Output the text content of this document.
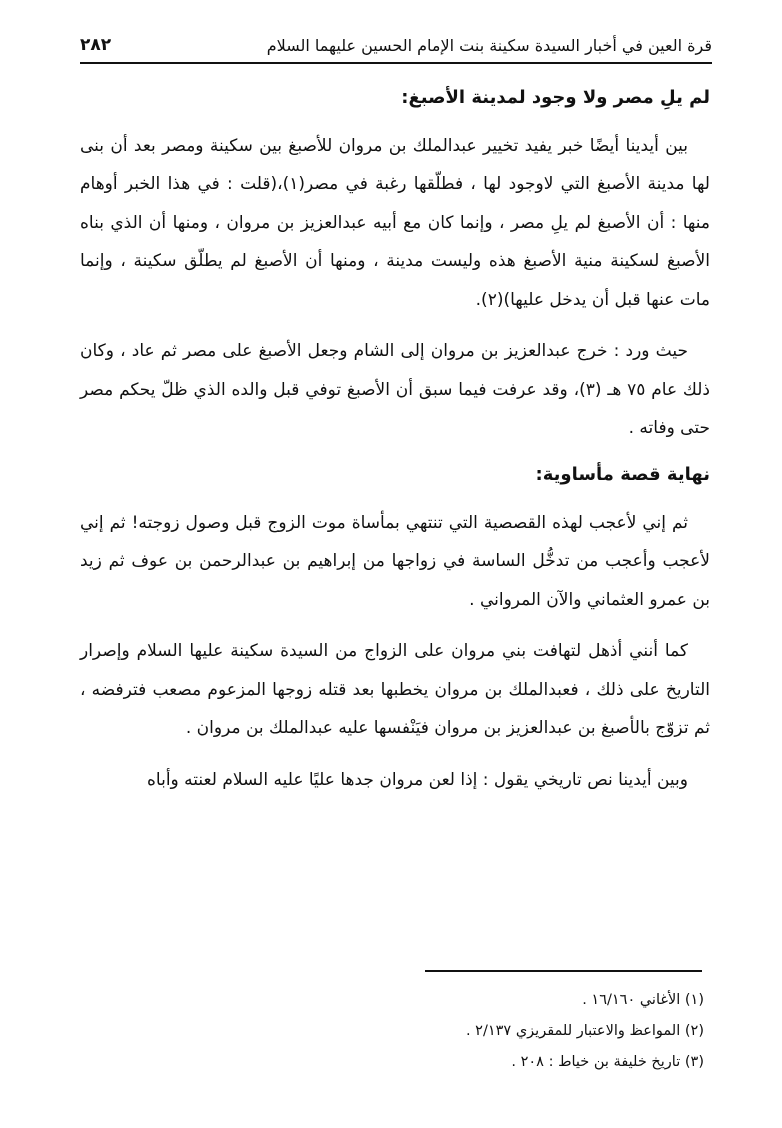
٢٨٢	قرة العين في أخبار السيدة سكينة بنت الإمام الحسين عليهما السلام
لم يلِ مصر ولا وجود لمدينة الأصبغ:

بين أيدينا أيضًا خبر يفيد تخيير عبدالملك بن مروان للأصبغ بين سكينة ومصر بعد أن بنى لها مدينة الأصبغ التي لاوجود لها ، فطلّقها رغبة في مصر(١)،(قلت : في هذا الخبر أوهام منها : أن الأصبغ لم يلِ مصر ، وإنما كان مع أبيه عبدالعزيز بن مروان ، ومنها أن الذي بناه الأصبغ لسكينة منية الأصبغ هذه وليست مدينة ، ومنها أن الأصبغ لم يطلّق سكينة ، وإنما مات عنها قبل أن يدخل عليها)(٢).

حيث ورد : خرج عبدالعزيز بن مروان إلى الشام وجعل الأصبغ على مصر ثم عاد ، وكان ذلك عام ٧٥ هـ (٣)، وقد عرفت فيما سبق أن الأصبغ توفي قبل والده الذي ظلّ يحكم مصر حتى وفاته .

نهاية قصة مأساوية:

ثم إني لأعجب لهذه القصصية التي تنتهي بمأساة موت الزوج قبل وصول زوجته! ثم إني لأعجب وأعجب من تدخُّل الساسة في زواجها من إبراهيم بن عبدالرحمن بن عوف ثم زيد بن عمرو العثماني والآن المرواني .

كما أنني أذهل لتهافت بني مروان على الزواج من السيدة سكينة عليها السلام وإصرار التاريخ على ذلك ، فعبدالملك بن مروان يخطبها بعد قتله زوجها المزعوم مصعب فترفضه ، ثم تزوّج بالأصبغ بن عبدالعزيز بن مروان فيَنْفسها عليه عبدالملك بن مروان .

وبين أيدينا نص تاريخي يقول : إذا لعن مروان جدها عليًا عليه السلام لعنته وأباه

(١) الأغاني ١٦/١٦٠ .
(٢) المواعظ والاعتبار للمقريزي ٢/١٣٧ .
(٣) تاريخ خليفة بن خياط : ٢٠٨ .
